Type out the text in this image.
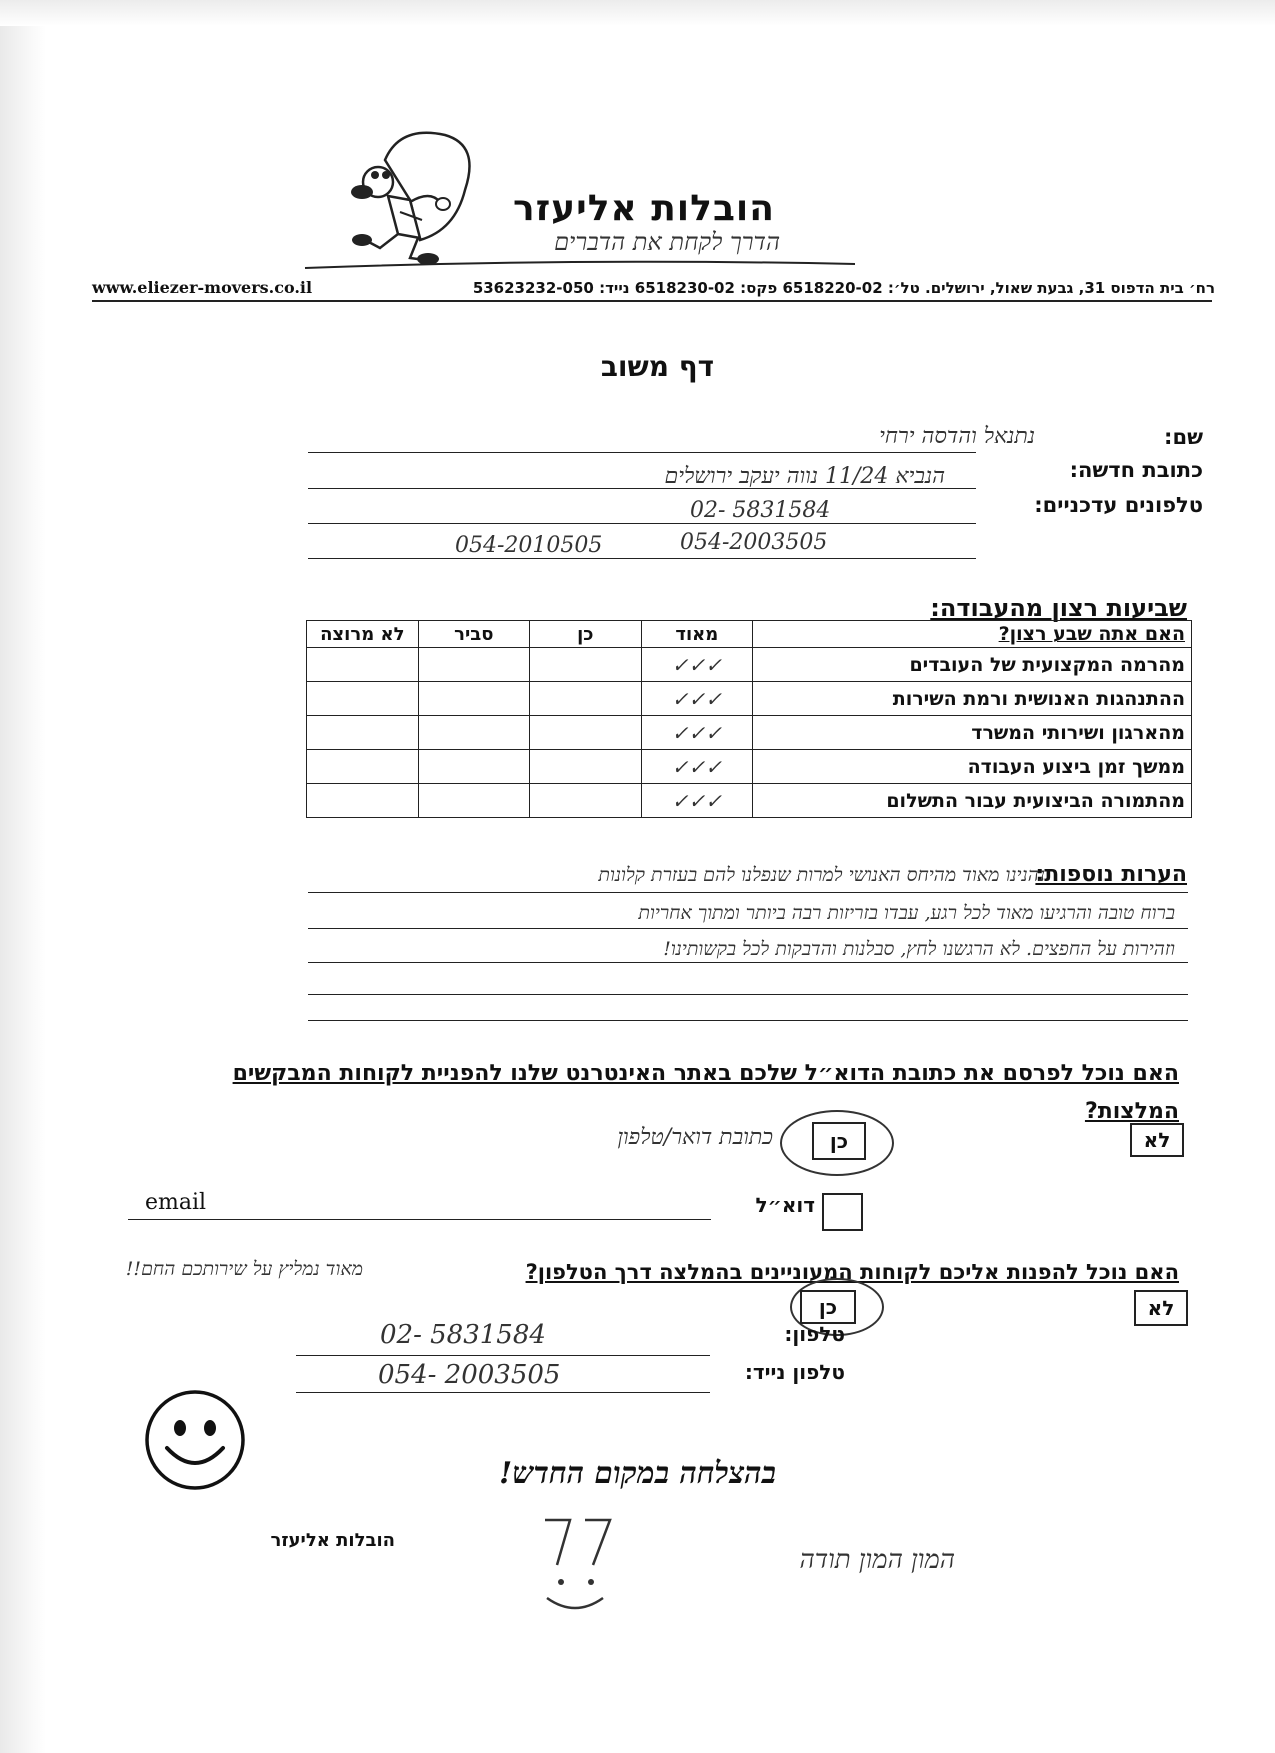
הובלות אליעזר
הדרך לקחת את הדברים
www.eliezer-movers.co.il	רח׳ בית הדפוס 31, גבעת שאול, ירושלים. טל׳: 6518220-02 פקס: 6518230-02 נייד: 53623232-050
דף משוב
שם:
נתנאל והדסה ירחי
כתובת חדשה:
הנביא 11/24 נווה יעקב ירושלים
טלפונים עדכניים:
02- 5831584
054-2003505
054-2010505
שביעות רצון מהעבודה:
האם אתה שבע רצון?	מאוד	כן	סביר	לא מרוצה
מהרמה המקצועית של העובדים	✓✓✓			
ההתנהגות האנושית ורמת השירות	✓✓✓			
מהארגון ושירותי המשרד	✓✓✓			
ממשך זמן ביצוע העבודה	✓✓✓			
מהתמורה הביצועית עבור התשלום	✓✓✓			
הערות נוספות:
נהנינו מאוד מהיחס האנושי למרות שנפלנו להם בעזרת קלונות
ברוח טובה והרגיעו מאוד לכל רגע, עבדו בזריזות רבה ביותר ומתוך אחריות
וזהירות על החפצים. לא הרגשנו לחץ, סבלנות והדבקות לכל בקשותינו!
האם נוכל לפרסם את כתובת הדוא״ל שלכם באתר האינטרנט שלנו להפניית לקוחות המבקשים המלצות?
לא
כן
כתובת דואר/טלפון
email	דוא״ל
האם נוכל להפנות אליכם לקוחות המעוניינים בהמלצה דרך הטלפון?
מאוד נמליץ על שירותכם החם!!
לא
כן
טלפון:
02- 5831584
טלפון נייד:
054- 2003505
בהצלחה במקום החדש!
הובלות אליעזר
המון המון תודה
